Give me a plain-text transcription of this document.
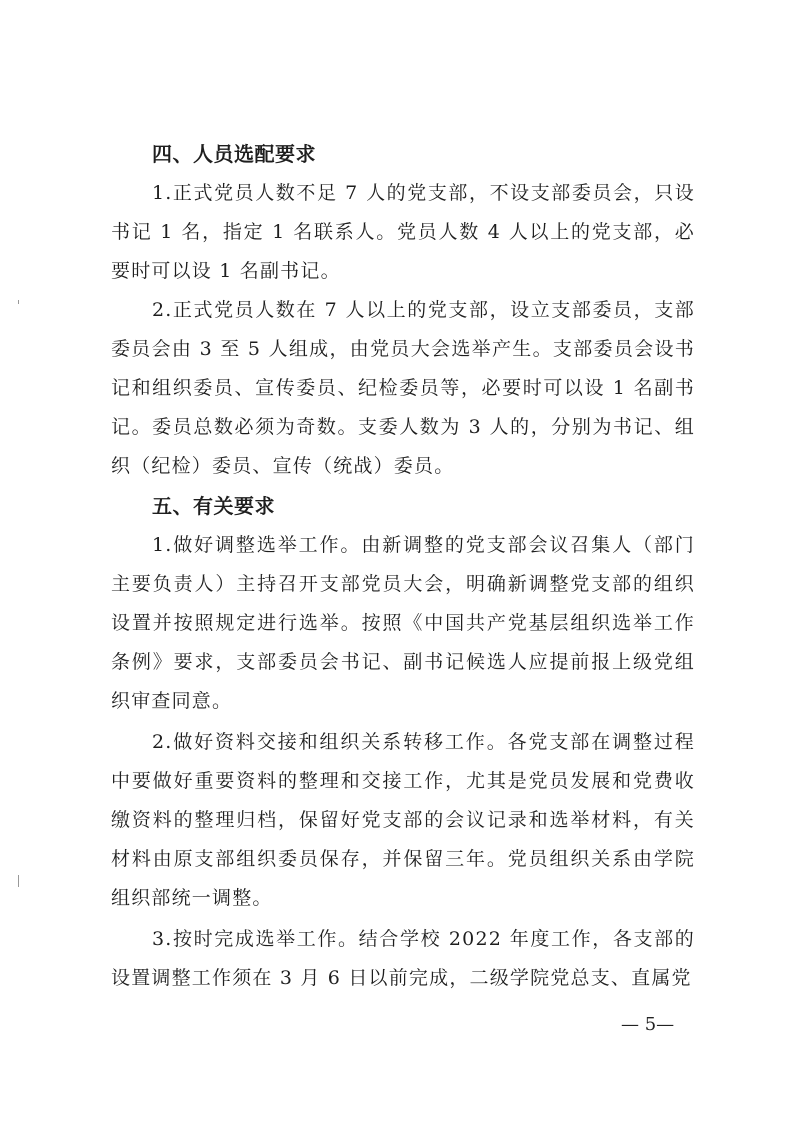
四、人员选配要求

1.正式党员人数不足 7 人的党支部，不设支部委员会，只设书记 1 名，指定 1 名联系人。党员人数 4 人以上的党支部，必要时可以设 1 名副书记。

2.正式党员人数在 7 人以上的党支部，设立支部委员，支部委员会由 3 至 5 人组成，由党员大会选举产生。支部委员会设书记和组织委员、宣传委员、纪检委员等，必要时可以设 1 名副书记。委员总数必须为奇数。支委人数为 3 人的，分别为书记、组织（纪检）委员、宣传（统战）委员。

五、有关要求

1.做好调整选举工作。由新调整的党支部会议召集人（部门主要负责人）主持召开支部党员大会，明确新调整党支部的组织设置并按照规定进行选举。按照《中国共产党基层组织选举工作条例》要求，支部委员会书记、副书记候选人应提前报上级党组织审查同意。

2.做好资料交接和组织关系转移工作。各党支部在调整过程中要做好重要资料的整理和交接工作，尤其是党员发展和党费收缴资料的整理归档，保留好党支部的会议记录和选举材料，有关材料由原支部组织委员保存，并保留三年。党员组织关系由学院组织部统一调整。

3.按时完成选举工作。结合学校 2022 年度工作，各支部的设置调整工作须在 3 月 6 日以前完成，二级学院党总支、直属党

— 5—
